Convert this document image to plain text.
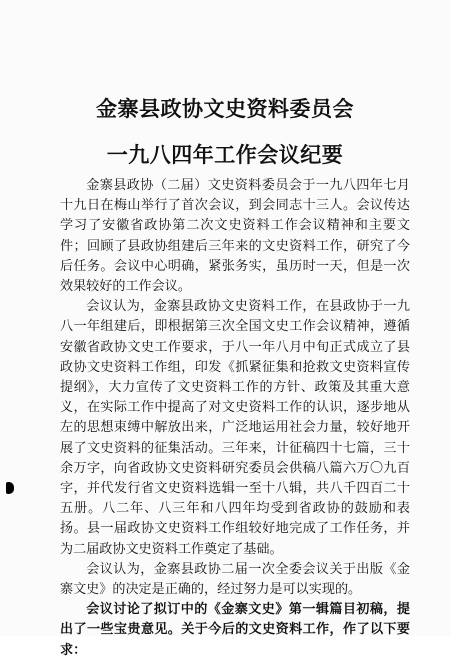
金寨县政协文史资料委员会
一九八四年工作会议纪要

金寨县政协（二届）文史资料委员会于一九八四年七月十九日在梅山举行了首次会议，到会同志十三人。会议传达学习了安徽省政协第二次文史资料工作会议精神和主要文件；回顾了县政协组建后三年来的文史资料工作，研究了今后任务。会议中心明确，紧张务实，虽历时一天，但是一次效果较好的工作会议。

会议认为，金寨县政协文史资料工作，在县政协于一九八一年组建后，即根据第三次全国文史工作会议精神，遵循安徽省政协文史工作要求，于八一年八月中旬正式成立了县政协文史资料工作组，印发《抓紧征集和抢救文史资料宣传提纲》，大力宣传了文史资料工作的方针、政策及其重大意义，在实际工作中提高了对文史资料工作的认识，逐步地从左的思想束缚中解放出来，广泛地运用社会力量，较好地开展了文史资料的征集活动。三年来，计征稿四十七篇，三十余万字，向省政协文史资料研究委员会供稿八篇六万〇九百字，并代发行省文史资料选辑一至十八辑，共八千四百二十五册。八二年、八三年和八四年均受到省政协的鼓励和表扬。县一届政协文史资料工作组较好地完成了工作任务，并为二届政协文史资料工作奠定了基础。

会议认为，金寨县政协二届一次全委会议关于出版《金寨文史》的决定是正确的，经过努力是可以实现的。

会议讨论了拟订中的《金寨文史》第一辑篇目初稿，提出了一些宝贵意见。关于今后的文史资料工作，作了以下要求：
